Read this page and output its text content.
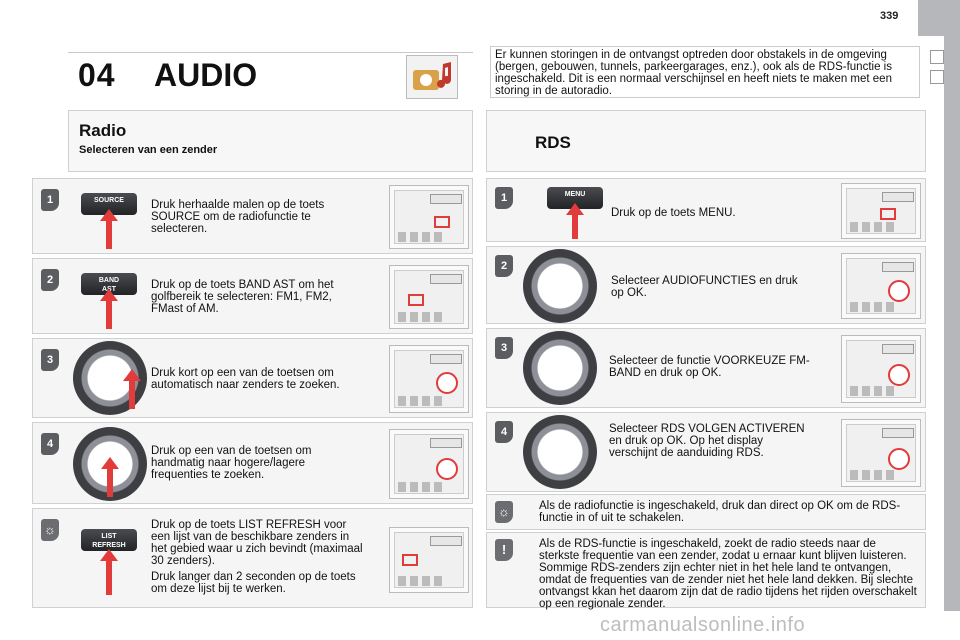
339
04 AUDIO
Er kunnen storingen in de ontvangst optreden door obstakels in de omgeving (bergen, gebouwen, tunnels, parkeergarages, enz.), ook als de RDS-functie is ingeschakeld. Dit is een normaal verschijnsel en heeft niets te maken met een storing in de autoradio.
Radio
Selecteren van een zender	RDS
1	SOURCE	Druk herhaalde malen op de toets SOURCE om de radiofunctie te selecteren.

2	BAND	Druk op de toets BAND AST om het golfbereik te selecteren: FM1, FM2, FMast of AM.

3

Druk kort op een van de toetsen om automatisch naar zenders te zoeken.

4

Druk op een van de toetsen om handmatig naar hogere/lagere frequenties te zoeken.

☼	LIST
REFRESH

Druk op de toets LIST REFRESH voor een lijst van de beschikbare zenders in het gebied waar u zich bevindt (maximaal 30 zenders).

Druk langer dan 2 seconden op de toets om deze lijst bij te werken.

1	MENU

Druk op de toets MENU.

2

Selecteer AUDIOFUNCTIES en druk op OK.

3

Selecteer de functie VOORKEUZE FM-BAND en druk op OK.

4	Selecteer RDS VOLGEN ACTIVEREN en druk op OK. Op het display verschijnt de aanduiding RDS.

☼	Als de radiofunctie is ingeschakeld, druk dan direct op OK om de RDS-functie in of uit te schakelen.
!	Als de RDS-functie is ingeschakeld, zoekt de radio steeds naar de sterkste frequentie van een zender, zodat u ernaar kunt blijven luisteren. Sommige RDS-zenders zijn echter niet in het hele land te ontvangen, omdat de frequenties van de zender niet het hele land dekken. Bij slechte ontvangst kkan het daarom zijn dat de radio tijdens het rijden overschakelt op een regionale zender.
carmanualsonline.info
